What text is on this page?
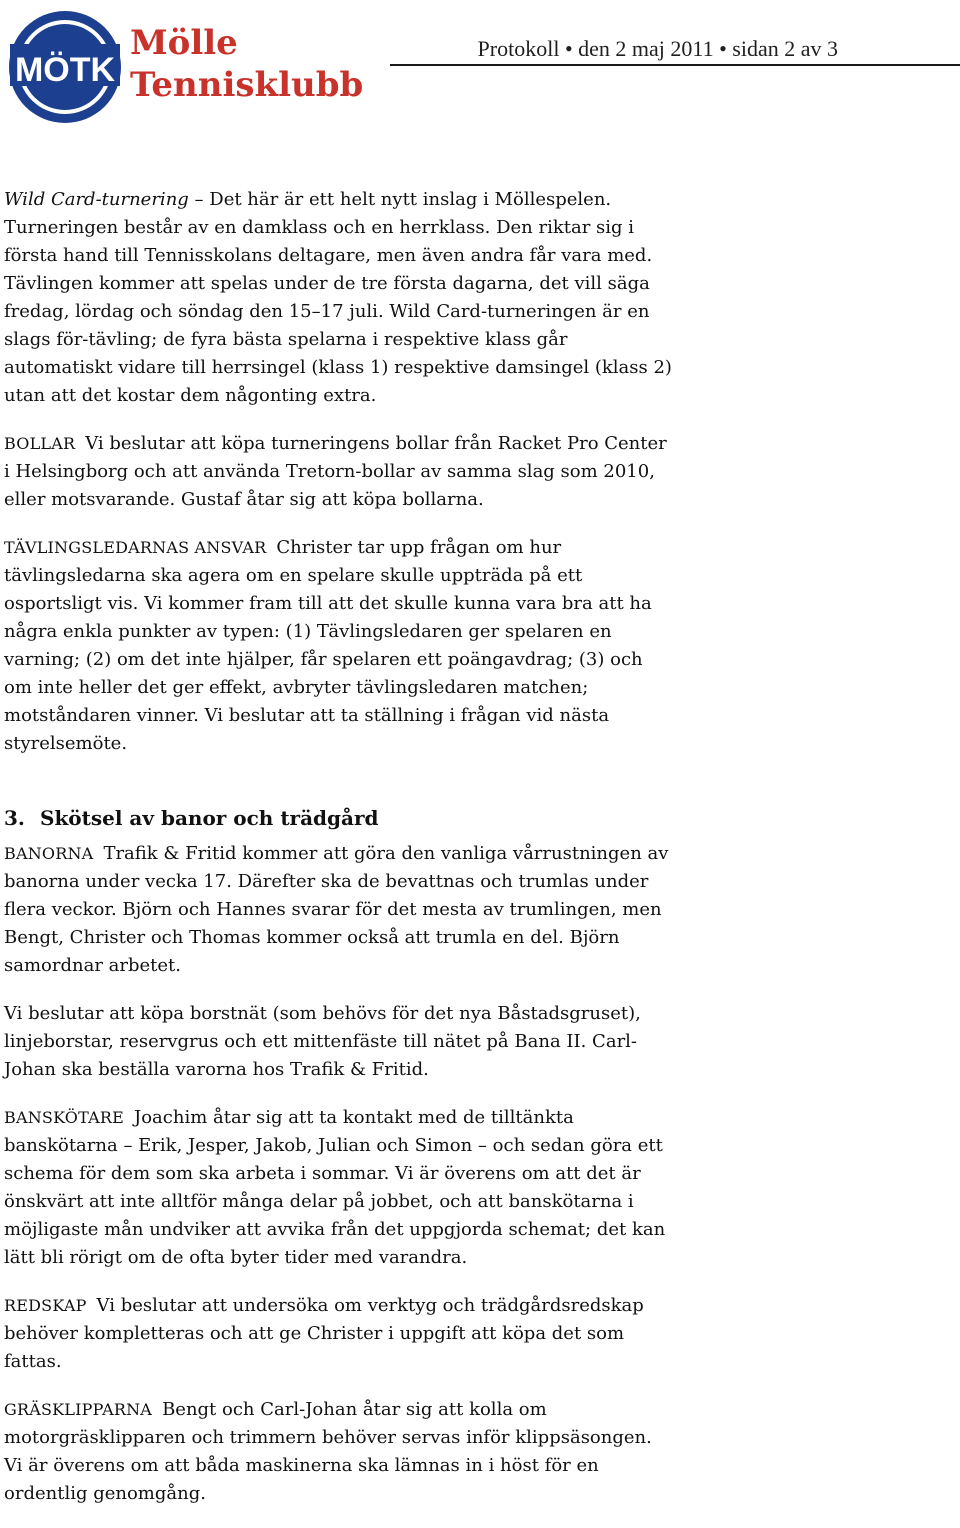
MÖTK
Mölle
Tennisklubb
Protokoll • den 2 maj 2011 • sidan 2 av 3

Wild Card-turnering – Det här är ett helt nytt inslag i Möllespelen. Turneringen består av en damklass och en herrklass. Den riktar sig i första hand till Tennisskolans deltagare, men även andra får vara med. Tävlingen kommer att spelas under de tre första dagarna, det vill säga fredag, lördag och söndag den 15–17 juli. Wild Card-turneringen är en slags för-tävling; de fyra bästa spelarna i respektive klass går automatiskt vidare till herrsingel (klass 1) respektive damsingel (klass 2) utan att det kostar dem någonting extra.

BOLLAR Vi beslutar att köpa turneringens bollar från Racket Pro Center i Helsingborg och att använda Tretorn-bollar av samma slag som 2010, eller motsvarande. Gustaf åtar sig att köpa bollarna.

TÄVLINGSLEDARNAS ANSVAR Christer tar upp frågan om hur tävlingsledarna ska agera om en spelare skulle uppträda på ett osportsligt vis. Vi kommer fram till att det skulle kunna vara bra att ha några enkla punkter av typen: (1) Tävlingsledaren ger spelaren en varning; (2) om det inte hjälper, får spelaren ett poängavdrag; (3) och om inte heller det ger effekt, avbryter tävlingsledaren matchen; motståndaren vinner. Vi beslutar att ta ställning i frågan vid nästa styrelsemöte.

3. Skötsel av banor och trädgård

BANORNA Trafik & Fritid kommer att göra den vanliga vårrustningen av banorna under vecka 17. Därefter ska de bevattnas och trumlas under flera veckor. Björn och Hannes svarar för det mesta av trumlingen, men Bengt, Christer och Thomas kommer också att trumla en del. Björn samordnar arbetet.

Vi beslutar att köpa borstnät (som behövs för det nya Båstadsgruset), linjeborstar, reservgrus och ett mittenfäste till nätet på Bana II. Carl-Johan ska beställa varorna hos Trafik & Fritid.

BANSKÖTARE Joachim åtar sig att ta kontakt med de tilltänkta banskötarna – Erik, Jesper, Jakob, Julian och Simon – och sedan göra ett schema för dem som ska arbeta i sommar. Vi är överens om att det är önskvärt att inte alltför många delar på jobbet, och att banskötarna i möjligaste mån undviker att avvika från det uppgjorda schemat; det kan lätt bli rörigt om de ofta byter tider med varandra.

REDSKAP Vi beslutar att undersöka om verktyg och trädgårdsredskap behöver kompletteras och att ge Christer i uppgift att köpa det som fattas.

GRÄSKLIPPARNA Bengt och Carl-Johan åtar sig att kolla om motorgräsklipparen och trimmern behöver servas inför klippsäsongen. Vi är överens om att båda maskinerna ska lämnas in i höst för en ordentlig genomgång.
